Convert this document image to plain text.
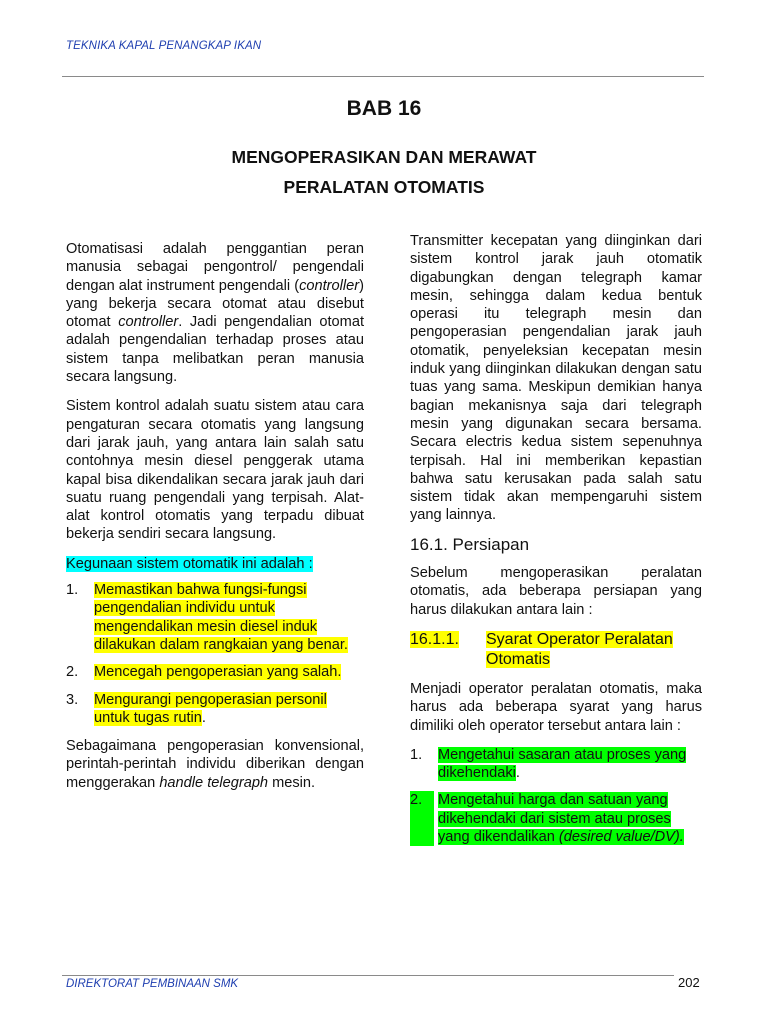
TEKNIKA KAPAL PENANGKAP IKAN
BAB 16
MENGOPERASIKAN DAN MERAWAT
PERALATAN OTOMATIS

Otomatisasi adalah penggantian peran manusia sebagai pengontrol/ pengendali dengan alat instrument pengendali (controller) yang bekerja secara otomat atau disebut otomat controller. Jadi pengendalian otomat adalah pengendalian terhadap proses atau sistem tanpa melibatkan peran manusia secara langsung.

Sistem kontrol adalah suatu sistem atau cara pengaturan secara otomatis yang langsung dari jarak jauh, yang antara lain salah satu contohnya mesin diesel penggerak utama kapal bisa dikendalikan secara jarak jauh dari suatu ruang pengendali yang terpisah. Alat-alat kontrol otomatis yang terpadu dibuat bekerja sendiri secara langsung.

Kegunaan sistem otomatik ini adalah :

1.	Memastikan bahwa fungsi-fungsi pengendalian individu untuk mengendalikan mesin diesel induk dilakukan dalam rangkaian yang benar.
2.	Mencegah pengoperasian yang salah.
3.	Mengurangi pengoperasian personil untuk tugas rutin.

Sebagaimana pengoperasian konvensional, perintah-perintah individu diberikan dengan menggerakan handle telegraph mesin.

Transmitter kecepatan yang diinginkan dari sistem kontrol jarak jauh otomatik digabungkan dengan telegraph kamar mesin, sehingga dalam kedua bentuk operasi itu telegraph mesin dan pengoperasian pengendalian jarak jauh otomatik, penyeleksian kecepatan mesin induk yang diinginkan dilakukan dengan satu tuas yang sama. Meskipun demikian hanya bagian mekanisnya saja dari telegraph mesin yang digunakan secara bersama. Secara electris kedua sistem sepenuhnya terpisah. Hal ini memberikan kepastian bahwa satu kerusakan pada salah satu sistem tidak akan mempengaruhi sistem yang lainnya.

16.1. Persiapan

Sebelum mengoperasikan peralatan otomatis, ada beberapa persiapan yang harus dilakukan antara lain :

16.1.1.	Syarat Operator Peralatan Otomatis

Menjadi operator peralatan otomatis, maka harus ada beberapa syarat yang harus dimiliki oleh operator tersebut antara lain :

1.	Mengetahui sasaran atau proses yang dikehendaki.
2.	Mengetahui harga dan satuan yang dikehendaki dari sistem atau proses yang dikendalikan (desired value/DV).
DIREKTORAT PEMBINAAN SMK	202
